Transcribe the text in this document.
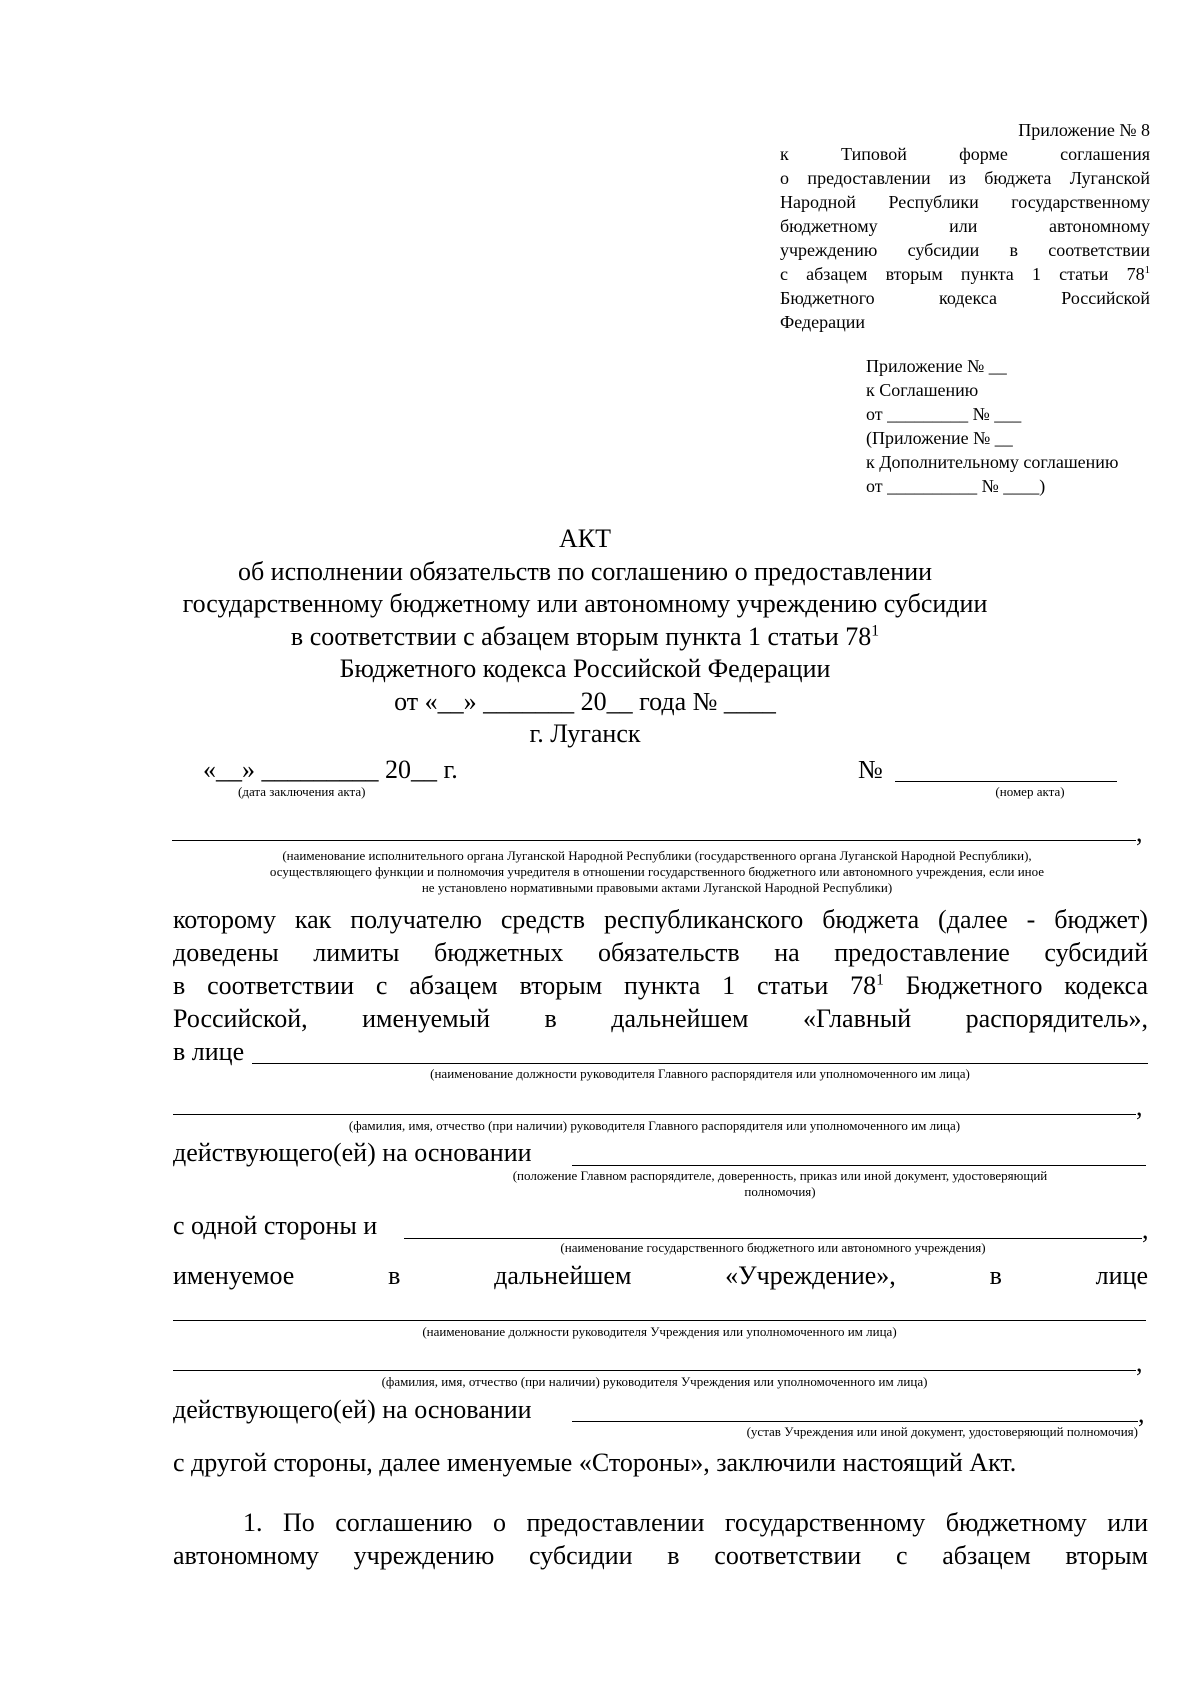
Приложение № 8
к Типовой форме соглашения
о предоставлении из бюджета Луганской
Народной Республики государственному
бюджетному или автономному
учреждению субсидии в соответствии
с абзацем вторым пункта 1 статьи $78^1$
Бюджетного кодекса Российской
Федерации
Приложение № __
к Соглашению
от _________ № ___
(Приложение № __
к Дополнительному соглашению
от __________ № ____)
АКТ
об исполнении обязательств по соглашению о предоставлении
государственному бюджетному или автономному учреждению субсидии
в соответствии с абзацем вторым пункта 1 статьи $78^1$
Бюджетного кодекса Российской Федерации
от «__» _______ 20__ года № ____
г. Луганск
«__» _________ 20__ г.
(дата заключения акта)
№
(номер акта)
,
(наименование исполнительного органа Луганской Народной Республики (государственного органа Луганской Народной Республики),
осуществляющего функции и полномочия учредителя в отношении государственного бюджетного или автономного учреждения, если иное
не установлено нормативными правовыми актами Луганской Народной Республики)
которому как получателю средств республиканского бюджета (далее - бюджет)
доведены лимиты бюджетных обязательств на предоставление субсидий
в соответствии с абзацем вторым пункта 1 статьи $78^1$ Бюджетного кодекса
Российской, именуемый в дальнейшем «Главный распорядитель»,
в лице
(наименование должности руководителя Главного распорядителя или уполномоченного им лица)
,
(фамилия, имя, отчество (при наличии) руководителя Главного распорядителя или уполномоченного им лица)
действующего(ей) на основании
(положение Главном распорядителе, доверенность, приказ или иной документ, удостоверяющий
полномочия)
с одной стороны и	,
(наименование государственного бюджетного или автономного учреждения)
именуемое в дальнейшем «Учреждение», в лице
(наименование должности руководителя Учреждения или уполномоченного им лица)
,
(фамилия, имя, отчество (при наличии) руководителя Учреждения или уполномоченного им лица)
действующего(ей) на основании	,
(устав Учреждения или иной документ, удостоверяющий полномочия)
с другой стороны, далее именуемые «Стороны», заключили настоящий Акт.
1. По соглашению о предоставлении государственному бюджетному или
автономному учреждению субсидии в соответствии с абзацем вторым
